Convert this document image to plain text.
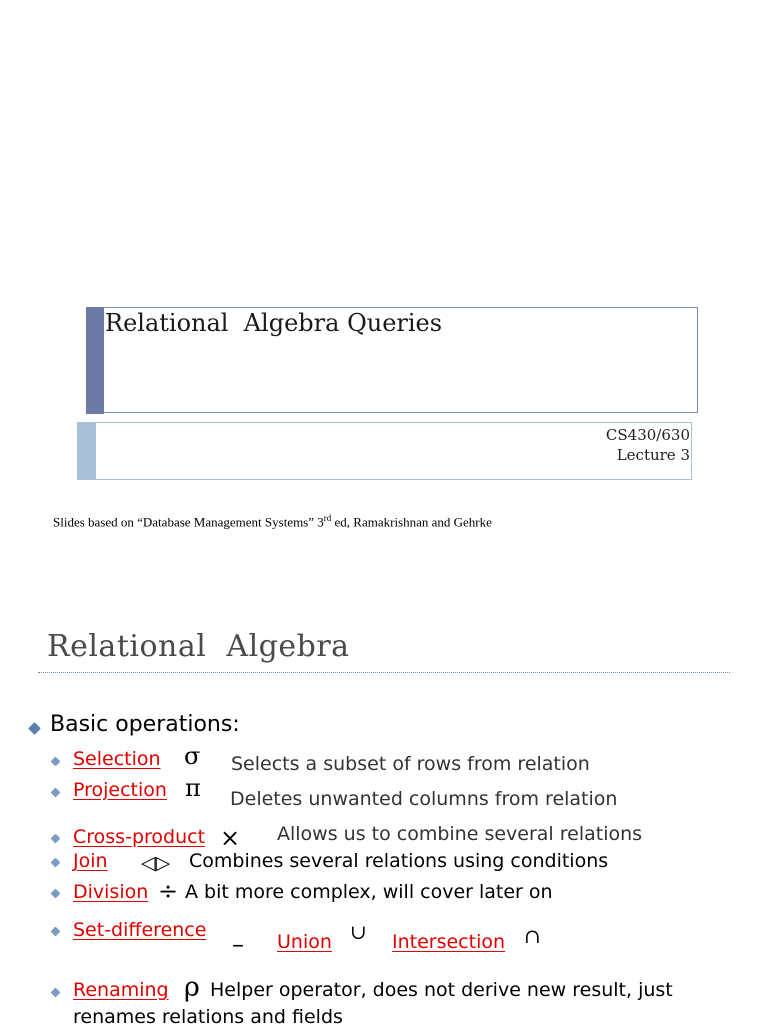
Relational  Algebra Queries
CS430/630
Lecture 3
Slides based on “Database Management Systems” 3rd ed, Ramakrishnan and Gehrke
Relational  Algebra
Basic operations:
Selection σ Selects a subset of rows from relation
Projection π Deletes unwanted columns from relation
Cross-product × Allows us to combine several relations
Join ◁▷ Combines several relations using conditions
Division ÷ A bit more complex, will cover later on
Set-difference – Union ∪ Intersection ∩
Renaming ρ Helper operator, does not derive new result, just
renames relations and fields
